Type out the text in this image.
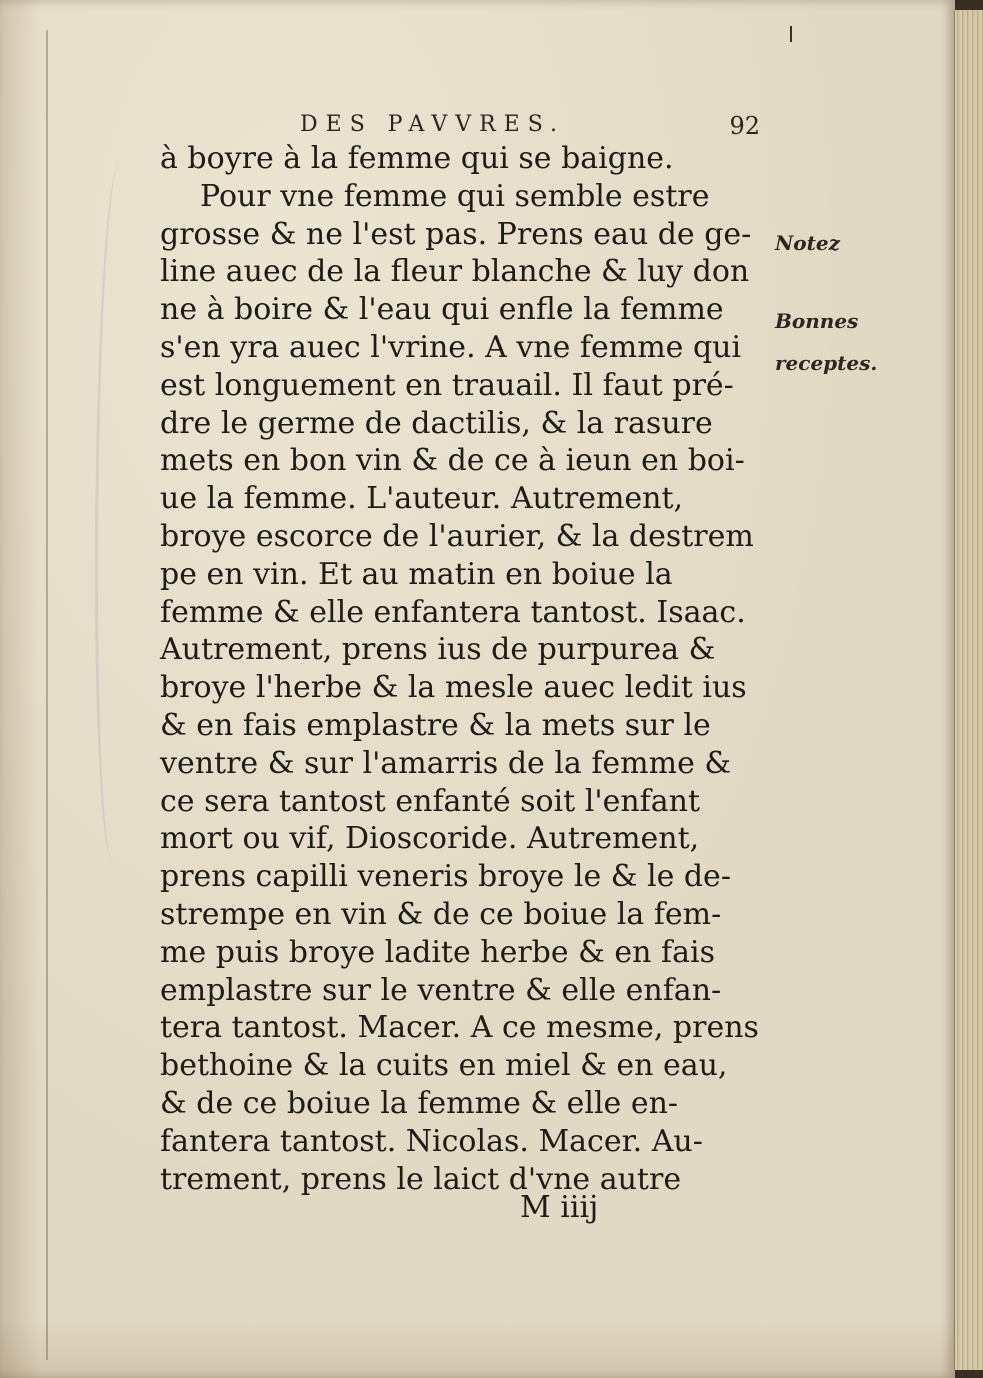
DES PAVVRES.	92
à boyre à la femme qui se baigne.
Pour vne femme qui semble estre
grosse & ne l'est pas. Prens eau de ge-
line auec de la fleur blanche & luy don
ne à boire & l'eau qui enfle la femme
s'en yra auec l'vrine. A vne femme qui
est longuement en trauail. Il faut pré-
dre le germe de dactilis, & la rasure
mets en bon vin & de ce à ieun en boi-
ue la femme. L'auteur. Autrement,
broye escorce de l'aurier, & la destrem
pe en vin. Et au matin en boiue la
femme & elle enfantera tantost. Isaac.
Autrement, prens ius de purpurea &
broye l'herbe & la mesle auec ledit ius
& en fais emplastre & la mets sur le
ventre & sur l'amarris de la femme &
ce sera tantost enfanté soit l'enfant
mort ou vif, Dioscoride. Autrement,
prens capilli veneris broye le & le de-
strempe en vin & de ce boiue la fem-
me puis broye ladite herbe & en fais
emplastre sur le ventre & elle enfan-
tera tantost. Macer. A ce mesme, prens
bethoine & la cuits en miel & en eau,
& de ce boiue la femme & elle en-
fantera tantost. Nicolas. Macer. Au-
trement, prens le laict d'vne autre
Notez
Bonnes
receptes.
M iiij
